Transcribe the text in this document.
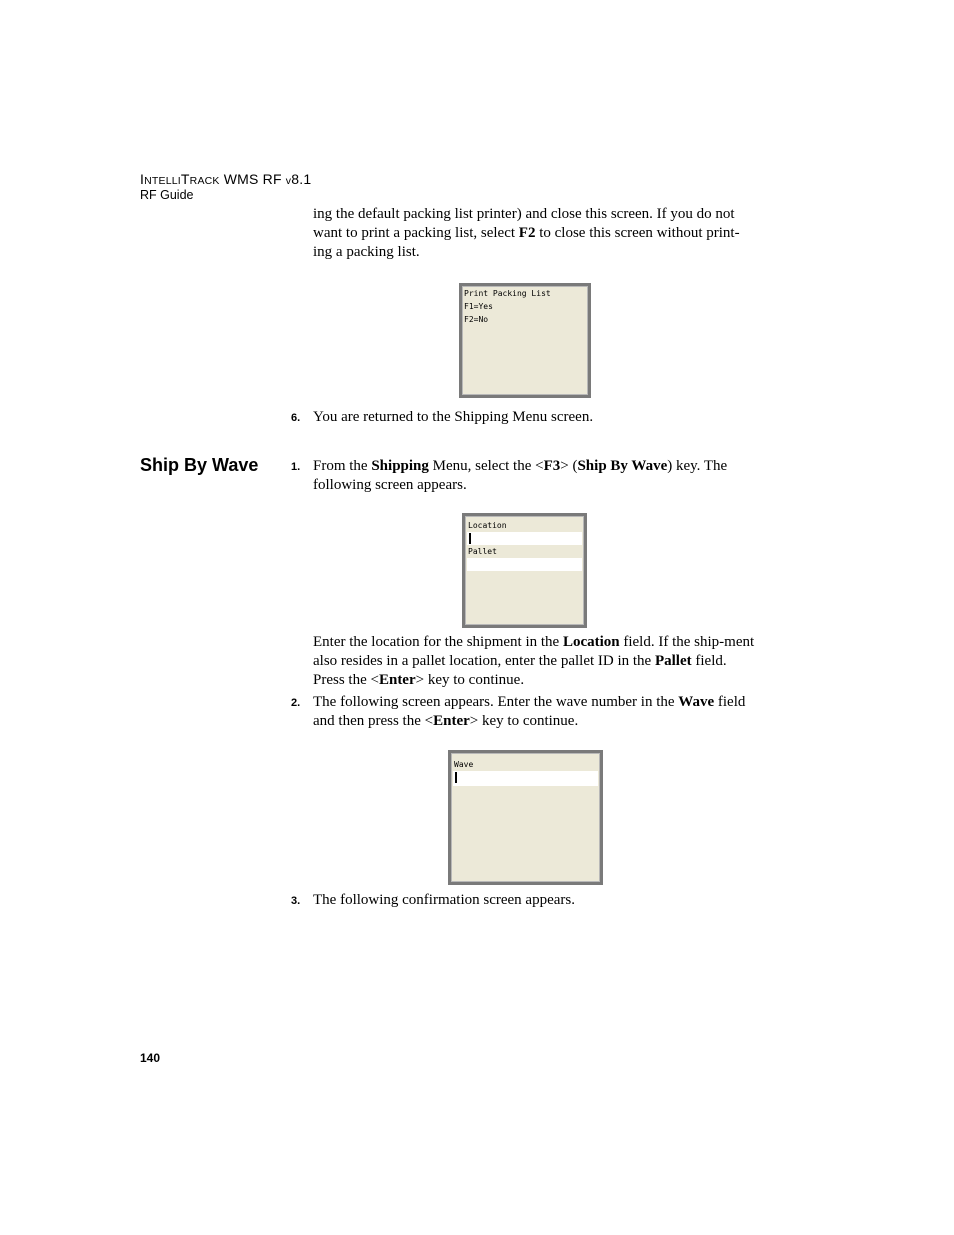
INTELLITRACK WMS RF v8.1
RF Guide

ing the default packing list printer) and close this screen. If you do not want to print a packing list, select F2 to close this screen without print-ing a packing list.

Print Packing List
F1=Yes
F2=No
6. You are returned to the Shipping Menu screen.

Ship By Wave	1. From the Shipping Menu, select the <F3> (Ship By Wave) key. The following screen appears.

Location
Pallet

Enter the location for the shipment in the Location field. If the ship-ment also resides in a pallet location, enter the pallet ID in the Pallet field. Press the <Enter> key to continue.

2. The following screen appears. Enter the wave number in the Wave field and then press the <Enter> key to continue.

Wave
3. The following confirmation screen appears.

140
